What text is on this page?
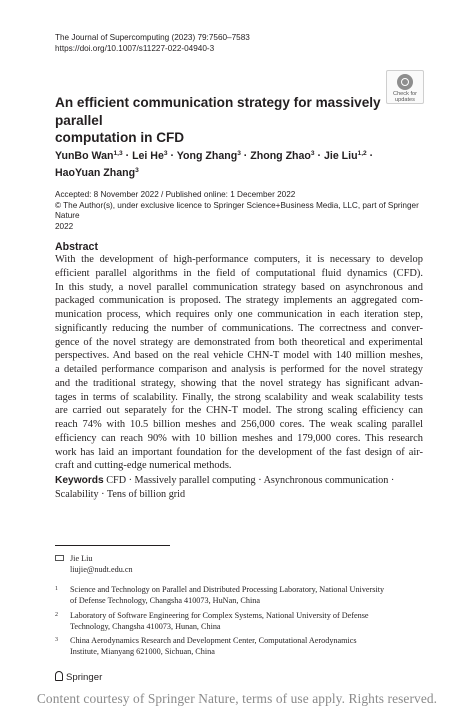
The Journal of Supercomputing (2023) 79:7560–7583
https://doi.org/10.1007/s11227-022-04940-3
Check for
updates
An efficient communication strategy for massively parallel
computation in CFD
YunBo Wan$^{1,3}$ · Lei $He^3$ · Yong Zhang$^3$ · Zhong Zhao$^3$ · Jie Liu$^{1,2}$ ·
HaoYuan Zhang$^3$
Accepted: 8 November 2022 / Published online: 1 December 2022
© The Author(s), under exclusive licence to Springer Science+Business Media, LLC, part of Springer Nature
2022
Abstract
With the development of high-performance computers, it is necessary to develop
efficient parallel algorithms in the field of computational fluid dynamics (CFD).
In this study, a novel parallel communication strategy based on asynchronous and
packaged communication is proposed. The strategy implements an aggregated com-
munication process, which requires only one communication in each iteration step,
significantly reducing the number of communications. The correctness and conver-
gence of the novel strategy are demonstrated from both theoretical and experimental
perspectives. And based on the real vehicle CHN-T model with 140 million meshes,
a detailed performance comparison and analysis is performed for the novel strategy
and the traditional strategy, showing that the novel strategy has significant advan-
tages in terms of scalability. Finally, the strong scalability and weak scalability tests
are carried out separately for the CHN-T model. The strong scaling efficiency can
reach 74% with 10.5 billion meshes and 256,000 cores. The weak scaling parallel
efficiency can reach 90% with 10 billion meshes and 179,000 cores. This research
work has laid an important foundation for the development of the fast design of air-
craft and cutting-edge numerical methods.
Keywords CFD · Massively parallel computing · Asynchronous communication ·
Scalability · Tens of billion grid
Jie Liu
liujie@nudt.edu.cn
1	Science and Technology on Parallel and Distributed Processing Laboratory, National University
of Defense Technology, Changsha 410073, HuNan, China
2	Laboratory of Software Engineering for Complex Systems, National University of Defense
Technology, Changsha 410073, Hunan, China
3	China Aerodynamics Research and Development Center, Computational Aerodynamics
Institute, Mianyang 621000, Sichuan, China
Springer
Content courtesy of Springer Nature, terms of use apply. Rights reserved.
